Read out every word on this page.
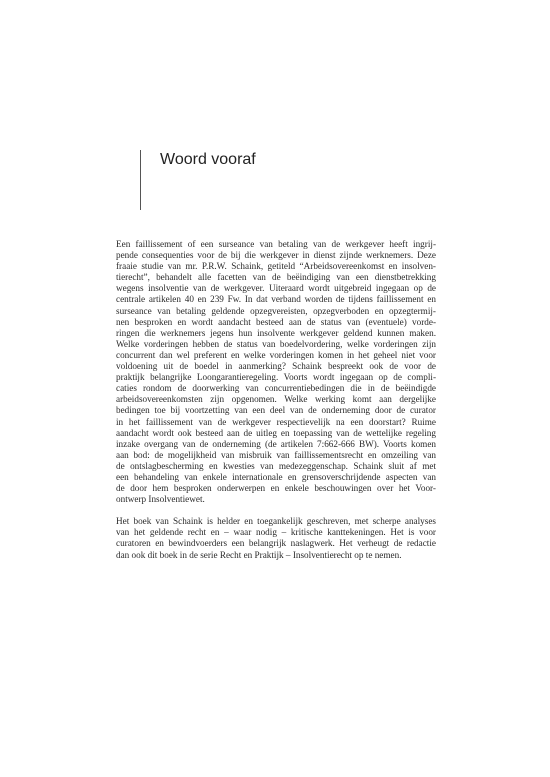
Woord vooraf

Een faillissement of een surseance van betaling van de werkgever heeft ingrij-
pende consequenties voor de bij die werkgever in dienst zijnde werknemers. Deze
fraaie studie van mr. P.R.W. Schaink, getiteld “Arbeidsovereenkomst en insolven-
tierecht”, behandelt alle facetten van de beëindiging van een dienstbetrekking
wegens insolventie van de werkgever. Uiteraard wordt uitgebreid ingegaan op de
centrale artikelen 40 en 239 Fw. In dat verband worden de tijdens faillissement en
surseance van betaling geldende opzegvereisten, opzegverboden en opzegtermij-
nen besproken en wordt aandacht besteed aan de status van (eventuele) vorde-
ringen die werknemers jegens hun insolvente werkgever geldend kunnen maken.
Welke vorderingen hebben de status van boedelvordering, welke vorderingen zijn
concurrent dan wel preferent en welke vorderingen komen in het geheel niet voor
voldoening uit de boedel in aanmerking? Schaink bespreekt ook de voor de
praktijk belangrijke Loongarantieregeling. Voorts wordt ingegaan op de compli-
caties rondom de doorwerking van concurrentiebedingen die in de beëindigde
arbeidsovereenkomsten zijn opgenomen. Welke werking komt aan dergelijke
bedingen toe bij voortzetting van een deel van de onderneming door de curator
in het faillissement van de werkgever respectievelijk na een doorstart? Ruime
aandacht wordt ook besteed aan de uitleg en toepassing van de wettelijke regeling
inzake overgang van de onderneming (de artikelen 7:662-666 BW). Voorts komen
aan bod: de mogelijkheid van misbruik van faillissementsrecht en omzeiling van
de ontslagbescherming en kwesties van medezeggenschap. Schaink sluit af met
een behandeling van enkele internationale en grensoverschrijdende aspecten van
de door hem besproken onderwerpen en enkele beschouwingen over het Voor-
ontwerp Insolventiewet.

Het boek van Schaink is helder en toegankelijk geschreven, met scherpe analyses
van het geldende recht en – waar nodig – kritische kanttekeningen. Het is voor
curatoren en bewindvoerders een belangrijk naslagwerk. Het verheugt de redactie
dan ook dit boek in de serie Recht en Praktijk – Insolventierecht op te nemen.
